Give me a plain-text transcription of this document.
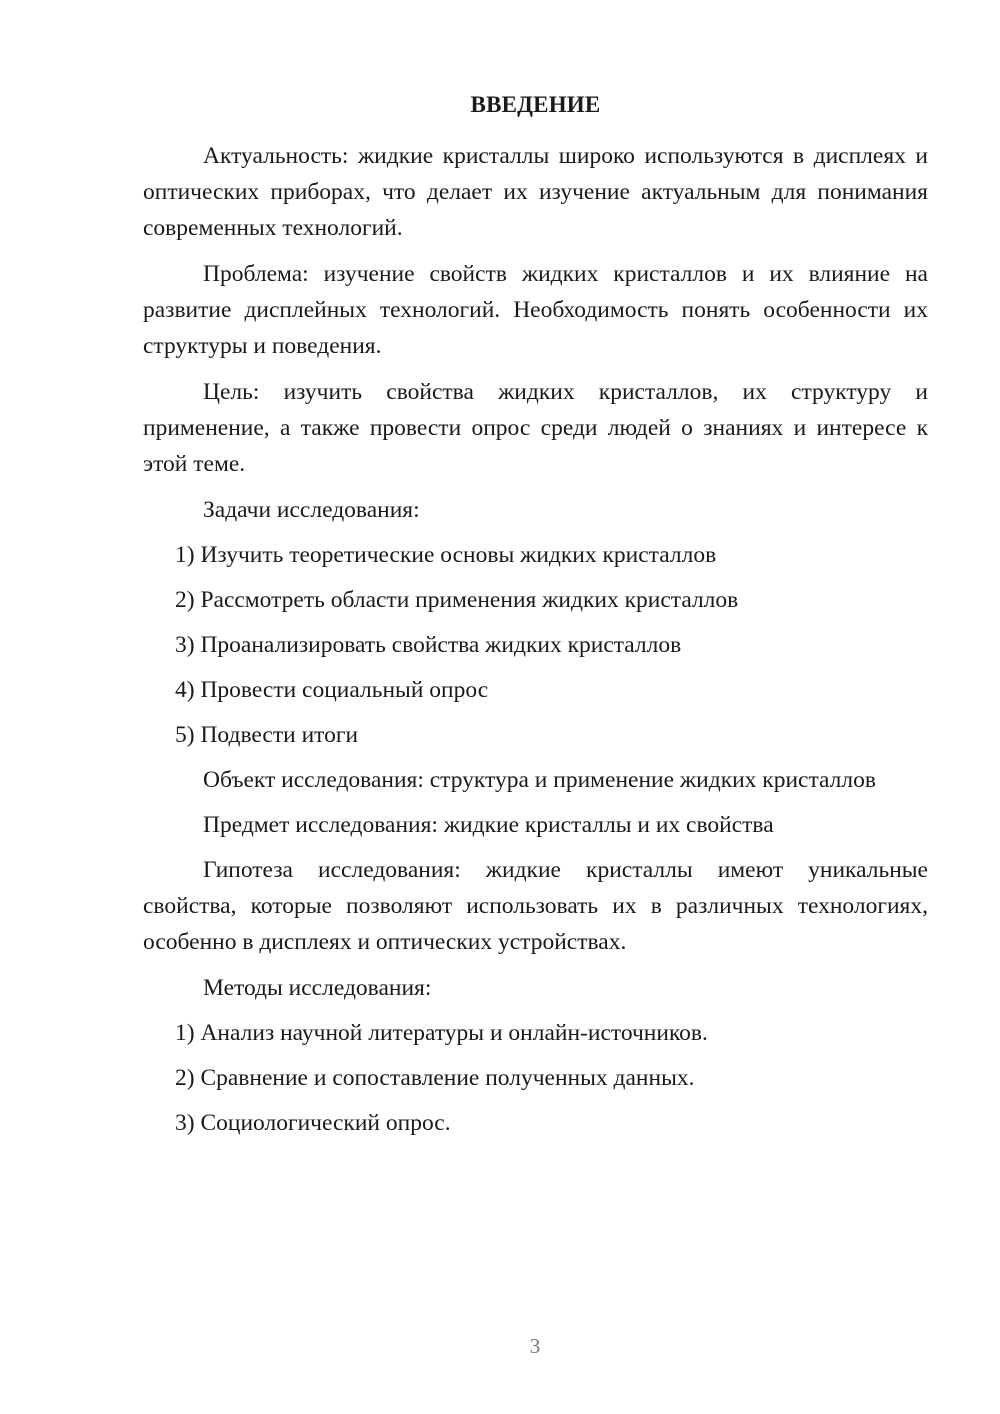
ВВЕДЕНИЕ

Актуальность: жидкие кристаллы широко используются в дисплеях и оптических приборах, что делает их изучение актуальным для понимания современных технологий.

Проблема: изучение свойств жидких кристаллов и их влияние на развитие дисплейных технологий. Необходимость понять особенности их структуры и поведения.

Цель: изучить свойства жидких кристаллов, их структуру и применение, а также провести опрос среди людей о знаниях и интересе к этой теме.

Задачи исследования:
1) Изучить теоретические основы жидких кристаллов
2) Рассмотреть области применения жидких кристаллов
3) Проанализировать свойства жидких кристаллов
4) Провести социальный опрос
5) Подвести итоги
Объект исследования: структура и применение жидких кристаллов
Предмет исследования: жидкие кристаллы и их свойства

Гипотеза исследования: жидкие кристаллы имеют уникальные свойства, которые позволяют использовать их в различных технологиях, особенно в дисплеях и оптических устройствах.

Методы исследования:
1) Анализ научной литературы и онлайн-источников.
2) Сравнение и сопоставление полученных данных.
3) Социологический опрос.
3
